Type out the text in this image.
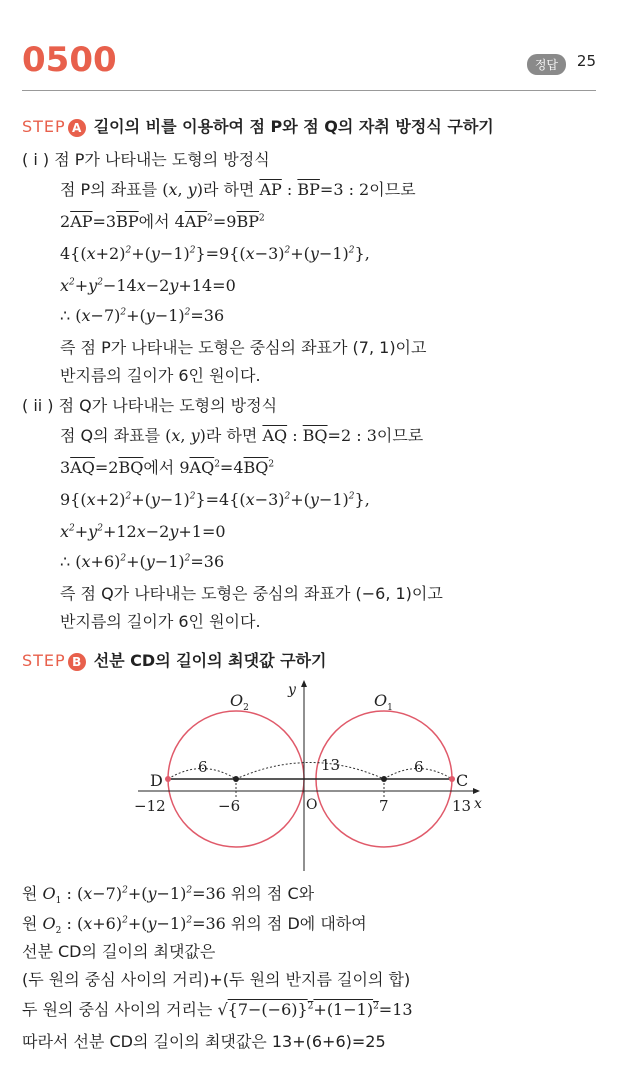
0500	정답	25
STEP A 길이의 비를 이용하여 점 P와 점 Q의 자취 방정식 구하기
( i ) 점 P가 나타내는 도형의 방정식
점 P의 좌표를 (x, y)라 하면 $\overline{AP}$ : $\overline{BP}=3$ : 2이므로
$2\overline{AP}=3\overline{BP}$에서 $4\overline{AP}^2=9\overline{BP}^2$
$4\{(x+2)^2+(y-1)^2\}=9\{(x-3)^2+(y-1)^2\}$,
$x^2+y^2-14x-2y+14=0$
∴ $(x-7)^2+(y-1)^2=36$
즉 점 P가 나타내는 도형은 중심의 좌표가 (7, 1)이고
반지름의 길이가 6인 원이다.
( ii ) 점 Q가 나타내는 도형의 방정식
점 Q의 좌표를 (x, y)라 하면 $\overline{AQ}$ : $\overline{BQ}=2$ : 3이므로
$3\overline{AQ}=2\overline{BQ}$에서 $9\overline{AQ}^2=4\overline{BQ}^2$
$9\{(x+2)^2+(y-1)^2\}=4\{(x-3)^2+(y-1)^2\}$,
$x^2+y^2+12x-2y+1=0$
∴ $(x+6)^2+(y-1)^2=36$
즉 점 Q가 나타내는 도형은 중심의 좌표가 (−6, 1)이고
반지름의 길이가 6인 원이다.
STEP B 선분 CD의 길이의 최댓값 구하기
$O_2$	$O_1$
y
x
O
D	C
6	13	6
−12	−6	7	13
원 $O_1$ : $(x-7)^2+(y-1)^2=36$ 위의 점 C와
원 $O_2$ : $(x+6)^2+(y-1)^2=36$ 위의 점 D에 대하여
선분 CD의 길이의 최댓값은
(두 원의 중심 사이의 거리)+(두 원의 반지름 길이의 합)
두 원의 중심 사이의 거리는 $√\{7-(-6)\}^2+(1-1)^2=13$
따라서 선분 CD의 길이의 최댓값은 13+(6+6)=25
